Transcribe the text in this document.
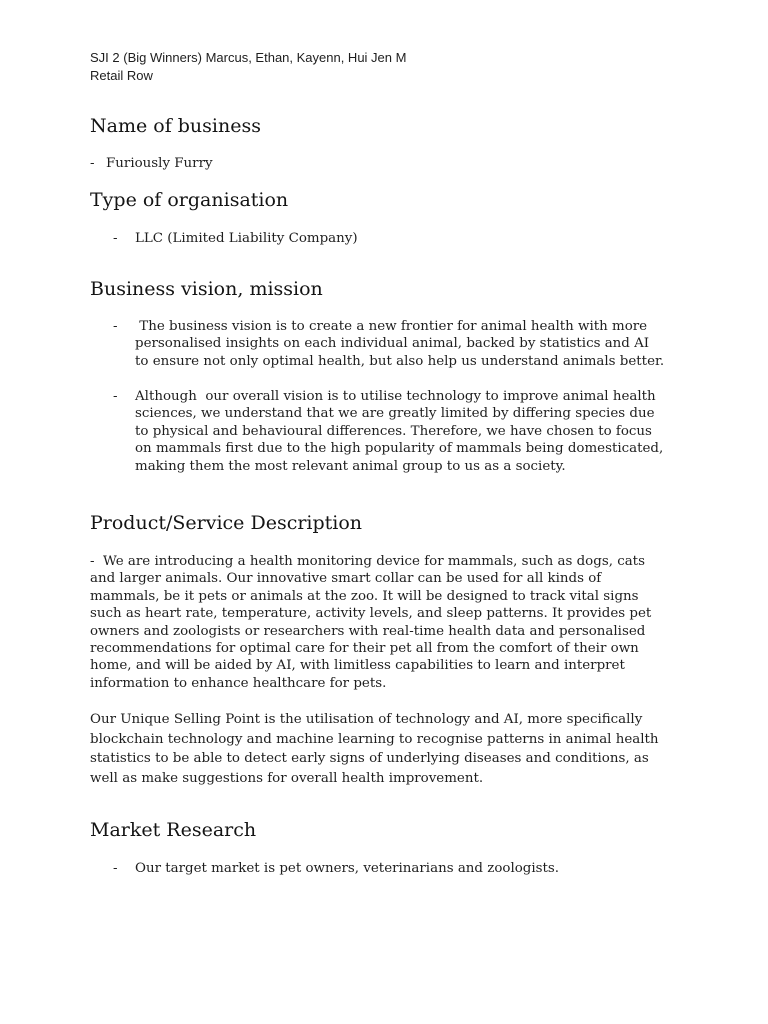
SJI 2 (Big Winners) Marcus, Ethan, Kayenn, Hui Jen M
Retail Row
Name of business
- Furiously Furry
Type of organisation
-	LLC (Limited Liability Company)
Business vision, mission
-	The business vision is to create a new frontier for animal health with more personalised insights on each individual animal, backed by statistics and AI to ensure not only optimal health, but also help us understand animals better.
-	Although  our overall vision is to utilise technology to improve animal health sciences, we understand that we are greatly limited by differing species due to physical and behavioural differences. Therefore, we have chosen to focus on mammals first due to the high popularity of mammals being domesticated, making them the most relevant animal group to us as a society.
Product/Service Description
-  We are introducing a health monitoring device for mammals, such as dogs, cats and larger animals. Our innovative smart collar can be used for all kinds of mammals, be it pets or animals at the zoo. It will be designed to track vital signs such as heart rate, temperature, activity levels, and sleep patterns. It provides pet owners and zoologists or researchers with real-time health data and personalised recommendations for optimal care for their pet all from the comfort of their own home, and will be aided by AI, with limitless capabilities to learn and interpret information to enhance healthcare for pets.
Our Unique Selling Point is the utilisation of technology and AI, more specifically blockchain technology and machine learning to recognise patterns in animal health statistics to be able to detect early signs of underlying diseases and conditions, as well as make suggestions for overall health improvement.
Market Research
-	Our target market is pet owners, veterinarians and zoologists.
